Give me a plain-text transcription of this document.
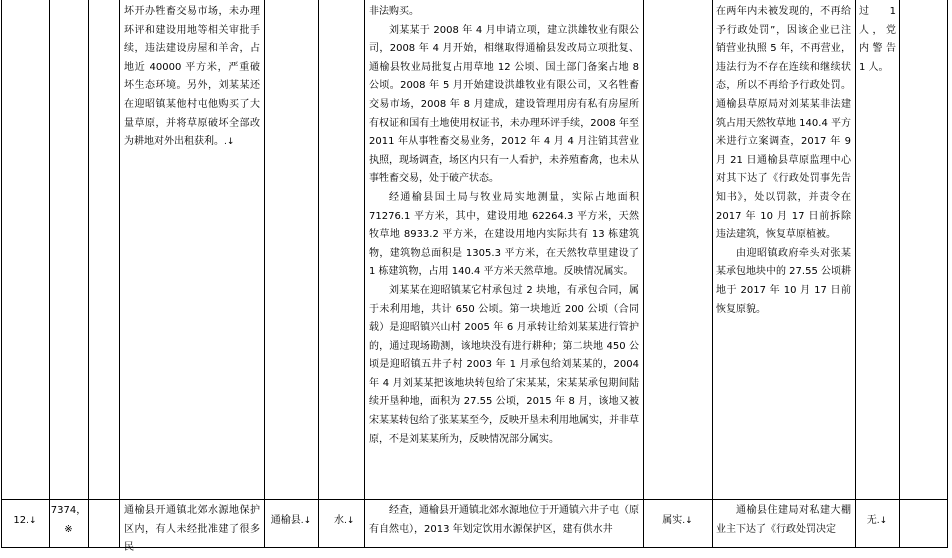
坏开办牲畜交易市场，未办理环评和建设用地等相关审批手续，违法建设房屋和羊舍，占地近 40000 平方米，严重破坏生态环境。另外，刘某某还在迎昭镇某他村屯他购买了大量草原，并将草原破坏全部改为耕地对外出租获利。.↓

非法购买。

刘某某于 2008 年 4 月申请立项，建立洪雄牧业有限公司，2008 年 4 月开始，相继取得通榆县发改局立项批复、通榆县牧业局批复占用草地 12 公顷、国土部门备案占地 8 公顷。2008 年 5 月开始建设洪雄牧业有限公司，又名牲畜交易市场，2008 年 8 月建成，建设管理用房有私有房屋所有权证和国有土地使用权证书，未办理环评手续，2008 年至 2011 年从事牲畜交易业务，2012 年 4 月 4 月注销其营业执照，现场调查，场区内只有一人看护，未养殖畜禽，也未从事牲畜交易，处于破产状态。

经通榆县国土局与牧业局实地测量，实际占地面积 71276.1 平方米，其中，建设用地 62264.3 平方米，天然牧草地 8933.2 平方米，在建设用地内实际共有 13 栋建筑物，建筑物总面积是 1305.3 平方米，在天然牧草里建设了 1 栋建筑物，占用 140.4 平方米天然草地。反映情况属实。

刘某某在迎昭镇某它村承包过 2 块地，有承包合同，属于未利用地，共计 650 公顷。第一块地近 200 公顷（合同载）是迎昭镇兴山村 2005 年 6 月承转让给刘某某进行管护的，通过现场勘测，该地块没有进行耕种；第二块地 450 公顷是迎昭镇五井子村 2003 年 1 月承包给刘某某的，2004 年 4 月刘某某把该地块转包给了宋某某，宋某某承包期间陆续开垦种地，面积为 27.55 公顷，2015 年 8 月，该地又被宋某某转包给了张某某至今，反映开垦未利用地属实，并非草原，不是刘某某所为，反映情况部分属实。

在两年内未被发现的，不再给予行政处罚”，因该企业已注销营业执照 5 年，不再营业，违法行为不存在连续和继续状态，所以不再给予行政处罚。通榆县草原局对刘某某非法建筑占用天然牧草地 140.4 平方米进行立案调查，2017 年 9 月 21 日通榆县草原监理中心对其下达了《行政处罚事先告知书》，处以罚款，并责令在 2017 年 10 月 17 日前拆除违法建筑，恢复草原植被。

由迎昭镇政府牵头对张某某承包地块中的 27.55 公顷耕地于 2017 年 10 月 17 日前恢复原貌。

过 1 人，党内警告 1 人。

12.↓
7374，※
通榆县开通镇北郊水源地保护区内，有人未经批准建了很多民
通榆县.↓	水.↓
经查，通榆县开通镇北郊水源地位于开通镇六井子屯（原有自然屯），2013 年划定饮用水源保护区，建有供水井
属实.↓
通榆县住建局对私建大棚业主下达了《行政处罚决定
无.↓
